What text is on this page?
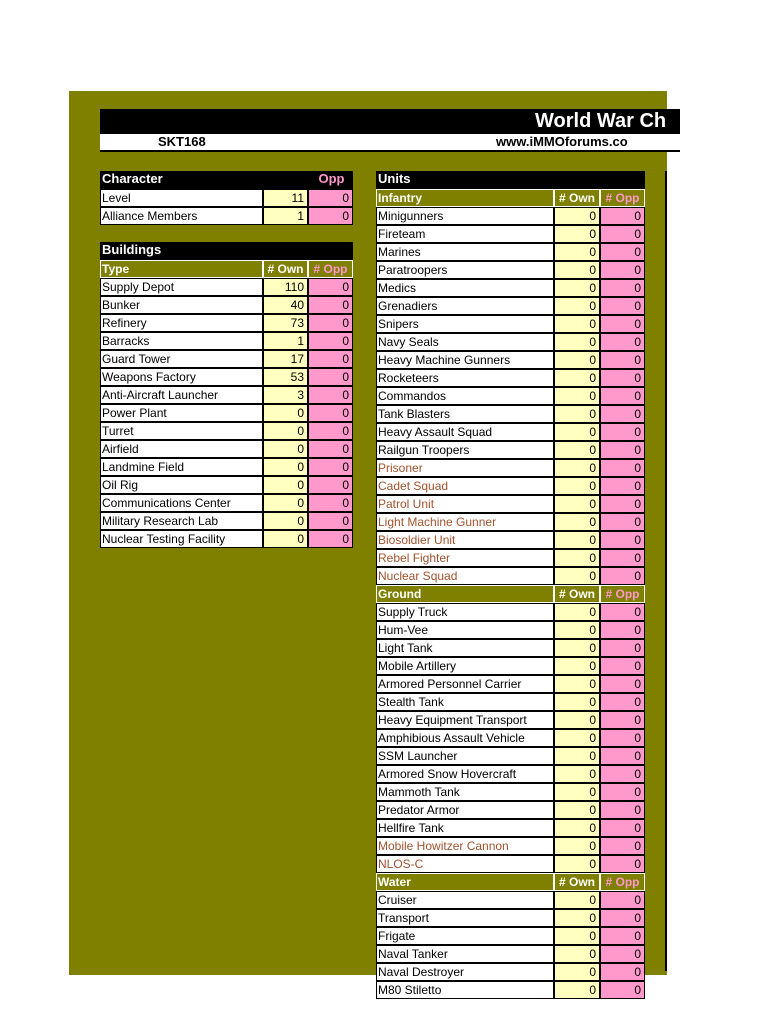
World War Ch
SKT168	www.iMMOforums.co
Character	Opp
Level	11	0
Alliance Members	1	0
Buildings
Type	# Own # Opp
Supply Depot	110	0
Bunker	40	0
Refinery	73	0
Barracks	1	0
Guard Tower	17	0
Weapons Factory	53	0
Anti-Aircraft Launcher	3	0
Power Plant	0	0
Turret	0	0
Airfield	0	0
Landmine Field	0	0
Oil Rig	0	0
Communications Center	0	0
Military Research Lab	0	0
Nuclear Testing Facility	0	0
Units
Infantry	# Own # Opp
Minigunners	0	0
Fireteam	0	0
Marines	0	0
Paratroopers	0	0
Medics	0	0
Grenadiers	0	0
Snipers	0	0
Navy Seals	0	0
Heavy Machine Gunners	0	0
Rocketeers	0	0
Commandos	0	0
Tank Blasters	0	0
Heavy Assault Squad	0	0
Railgun Troopers	0	0
Prisoner	0	0
Cadet Squad	0	0
Patrol Unit	0	0
Light Machine Gunner	0	0
Biosoldier Unit	0	0
Rebel Fighter	0	0
Nuclear Squad	0	0
Ground	# Own # Opp
Supply Truck	0	0
Hum-Vee	0	0
Light Tank	0	0
Mobile Artillery	0	0
Armored Personnel Carrier	0	0
Stealth Tank	0	0
Heavy Equipment Transport	0	0
Amphibious Assault Vehicle	0	0
SSM Launcher	0	0
Armored Snow Hovercraft	0	0
Mammoth Tank	0	0
Predator Armor	0	0
Hellfire Tank	0	0
Mobile Howitzer Cannon	0	0
NLOS-C	0	0
Water	# Own # Opp
Cruiser	0	0
Transport	0	0
Frigate	0	0
Naval Tanker	0	0
Naval Destroyer	0	0
M80 Stiletto	0	0
